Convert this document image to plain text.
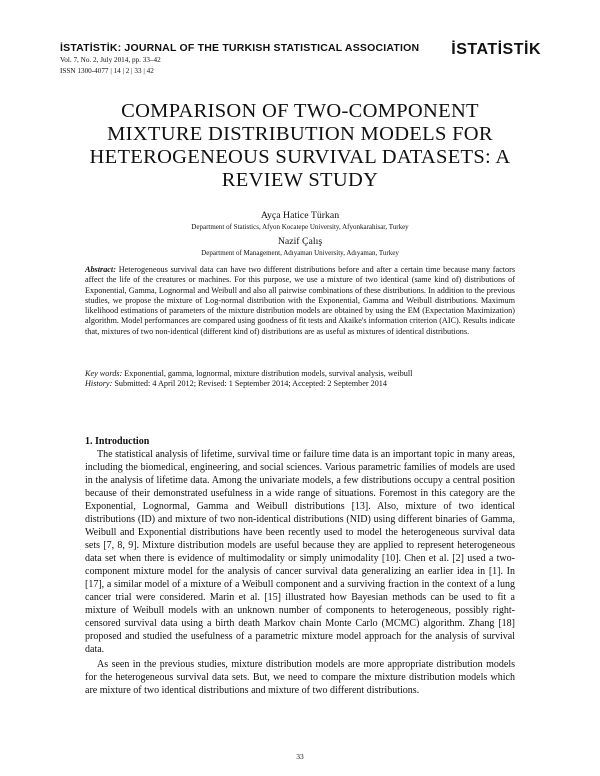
İSTATİSTİK: JOURNAL OF THE TURKISH STATISTICAL ASSOCIATION
Vol. 7, No. 2, July 2014, pp. 33–42
ISSN 1300-4077 | 14 | 2 | 33 | 42
İSTATİSTİK
COMPARISON OF TWO-COMPONENT
MIXTURE DISTRIBUTION MODELS FOR
HETEROGENEOUS SURVIVAL DATASETS: A
REVIEW STUDY
Ayça Hatice Türkan
Department of Statistics, Afyon Kocatepe University, Afyonkarahisar, Turkey
Nazif Çalış
Department of Management, Adıyaman University, Adıyaman, Turkey
Abstract: Heterogeneous survival data can have two different distributions before and after a certain time because many factors affect the life of the creatures or machines. For this purpose, we use a mixture of two identical (same kind of) distributions of Exponential, Gamma, Lognormal and Weibull and also all pairwise combinations of these distributions. In addition to the previous studies, we propose the mixture of Log-normal distribution with the Exponential, Gamma and Weibull distributions. Maximum likelihood estimations of parameters of the mixture distribution models are obtained by using the EM (Expectation Maximization) algorithm. Model performances are compared using goodness of fit tests and Akaike's information criterion (AIC). Results indicate that, mixtures of two non-identical (different kind of) distributions are as useful as mixtures of identical distributions.
Key words: Exponential, gamma, lognormal, mixture distribution models, survival analysis, weibull
History: Submitted: 4 April 2012; Revised: 1 September 2014; Accepted: 2 September 2014
1. Introduction

The statistical analysis of lifetime, survival time or failure time data is an important topic in many areas, including the biomedical, engineering, and social sciences. Various parametric families of models are used in the analysis of lifetime data. Among the univariate models, a few distributions occupy a central position because of their demonstrated usefulness in a wide range of situations. Foremost in this category are the Exponential, Lognormal, Gamma and Weibull distributions [13]. Also, mixture of two identical distributions (ID) and mixture of two non-identical distributions (NID) using different binaries of Gamma, Weibull and Exponential distributions have been recently used to model the heterogeneous survival data sets [7, 8, 9]. Mixture distribution models are useful because they are applied to represent heterogeneous data set when there is evidence of multimodality or simply unimodality [10]. Chen et al. [2] used a two-component mixture model for the analysis of cancer survival data generalizing an earlier idea in [1]. In [17], a similar model of a mixture of a Weibull component and a surviving fraction in the context of a lung cancer trial were considered. Marin et al. [15] illustrated how Bayesian methods can be used to fit a mixture of Weibull models with an unknown number of components to heterogeneous, possibly right-censored survival data using a birth death Markov chain Monte Carlo (MCMC) algorithm. Zhang [18] proposed and studied the usefulness of a parametric mixture model approach for the analysis of survival data.

As seen in the previous studies, mixture distribution models are more appropriate distribution models for the heterogeneous survival data sets. But, we need to compare the mixture distribution models which are mixture of two identical distributions and mixture of two different distributions.

33
